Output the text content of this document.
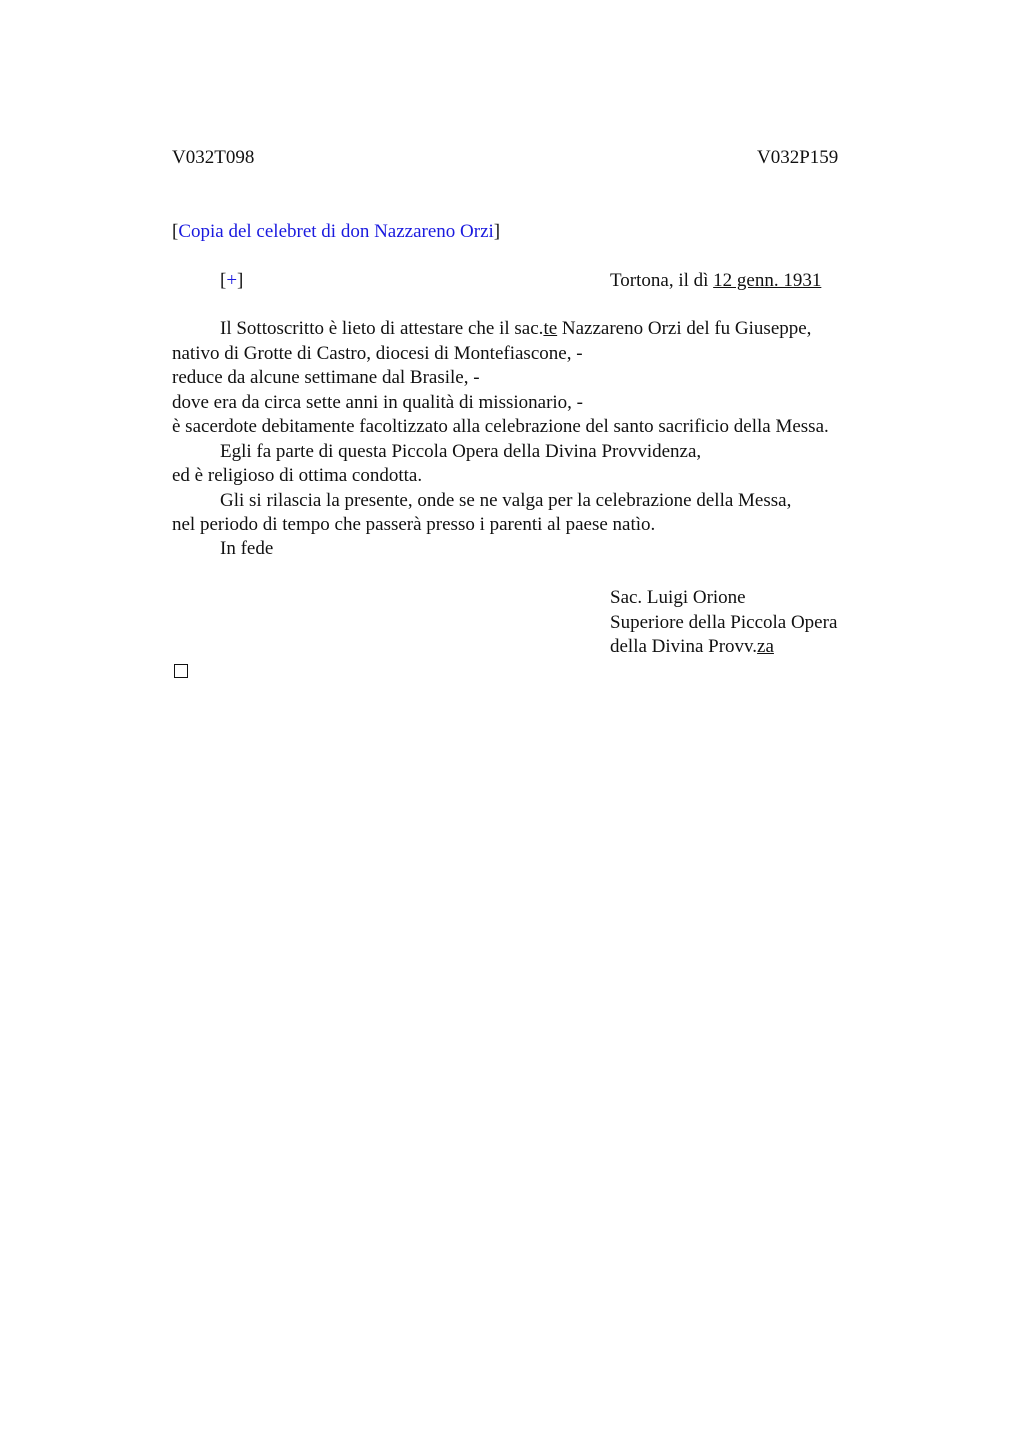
V032T098	V032P159
[Copia del celebret di don Nazzareno Orzi]
[+]	Tortona, il dì 12 genn. 1931
Il Sottoscritto è lieto di attestare che il sac.te Nazzareno Orzi del fu Giuseppe,
nativo di Grotte di Castro, diocesi di Montefiascone, -
reduce da alcune settimane dal Brasile, -
dove era da circa sette anni in qualità di missionario, -
è sacerdote debitamente facoltizzato alla celebrazione del santo sacrificio della Messa.
Egli fa parte di questa Piccola Opera della Divina Provvidenza,
ed è religioso di ottima condotta.
Gli si rilascia la presente, onde se ne valga per la celebrazione della Messa,
nel periodo di tempo che passerà presso i parenti al paese natìo.
In fede
Sac. Luigi Orione
Superiore della Piccola Opera
della Divina Provv.za
